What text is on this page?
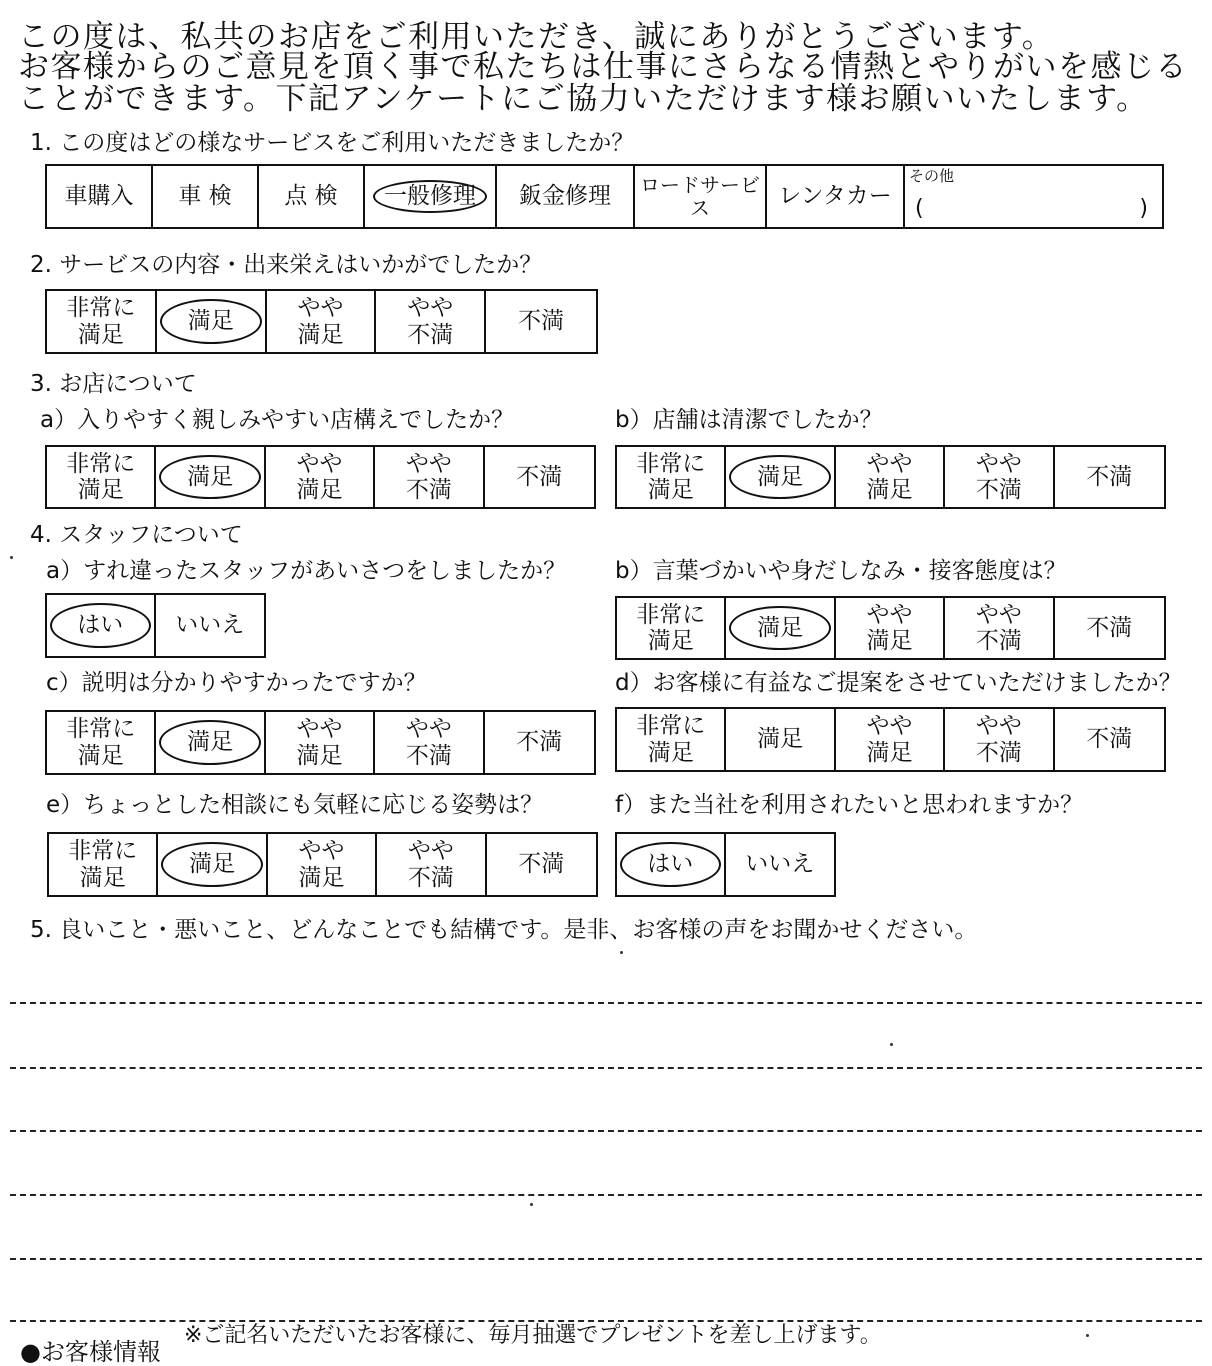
この度は、私共のお店をご利用いただき、誠にありがとうございます。
お客様からのご意見を頂く事で私たちは仕事にさらなる情熱とやりがいを感じる
ことができます。下記アンケートにご協力いただけます様お願いいたします。
1. この度はどの様なサービスをご利用いただきましたか？
車購入 車 検 点 検 一般修理 鈑金修理 ロードサービス	レンタカー
その他
(	)
2. サービスの内容・出来栄えはいかがでしたか？
非常に
満足
満足
やや
満足
やや
不満
不満
3. お店について
a）入りやすく親しみやすい店構えでしたか？
非常に
満足
満足
やや
満足
やや
不満
不満
b）店舗は清潔でしたか？
非常に
満足
満足
やや
満足
やや
不満
不満
4. スタッフについて
a）すれ違ったスタッフがあいさつをしましたか？
はい いいえ
b）言葉づかいや身だしなみ・接客態度は？
非常に
満足
満足
やや
満足
やや
不満
不満
c）説明は分かりやすかったですか？
非常に
満足
満足
やや
満足
やや
不満
不満
d）お客様に有益なご提案をさせていただけましたか？
非常に
満足
満足
やや
満足
やや
不満
不満
e）ちょっとした相談にも気軽に応じる姿勢は？
非常に
満足
満足
やや
満足
やや
不満
不満
f）また当社を利用されたいと思われますか？
はい いいえ
5. 良いこと・悪いこと、どんなことでも結構です。是非、お客様の声をお聞かせください。
※ご記名いただいたお客様に、毎月抽選でプレゼントを差し上げます。
●お客様情報
